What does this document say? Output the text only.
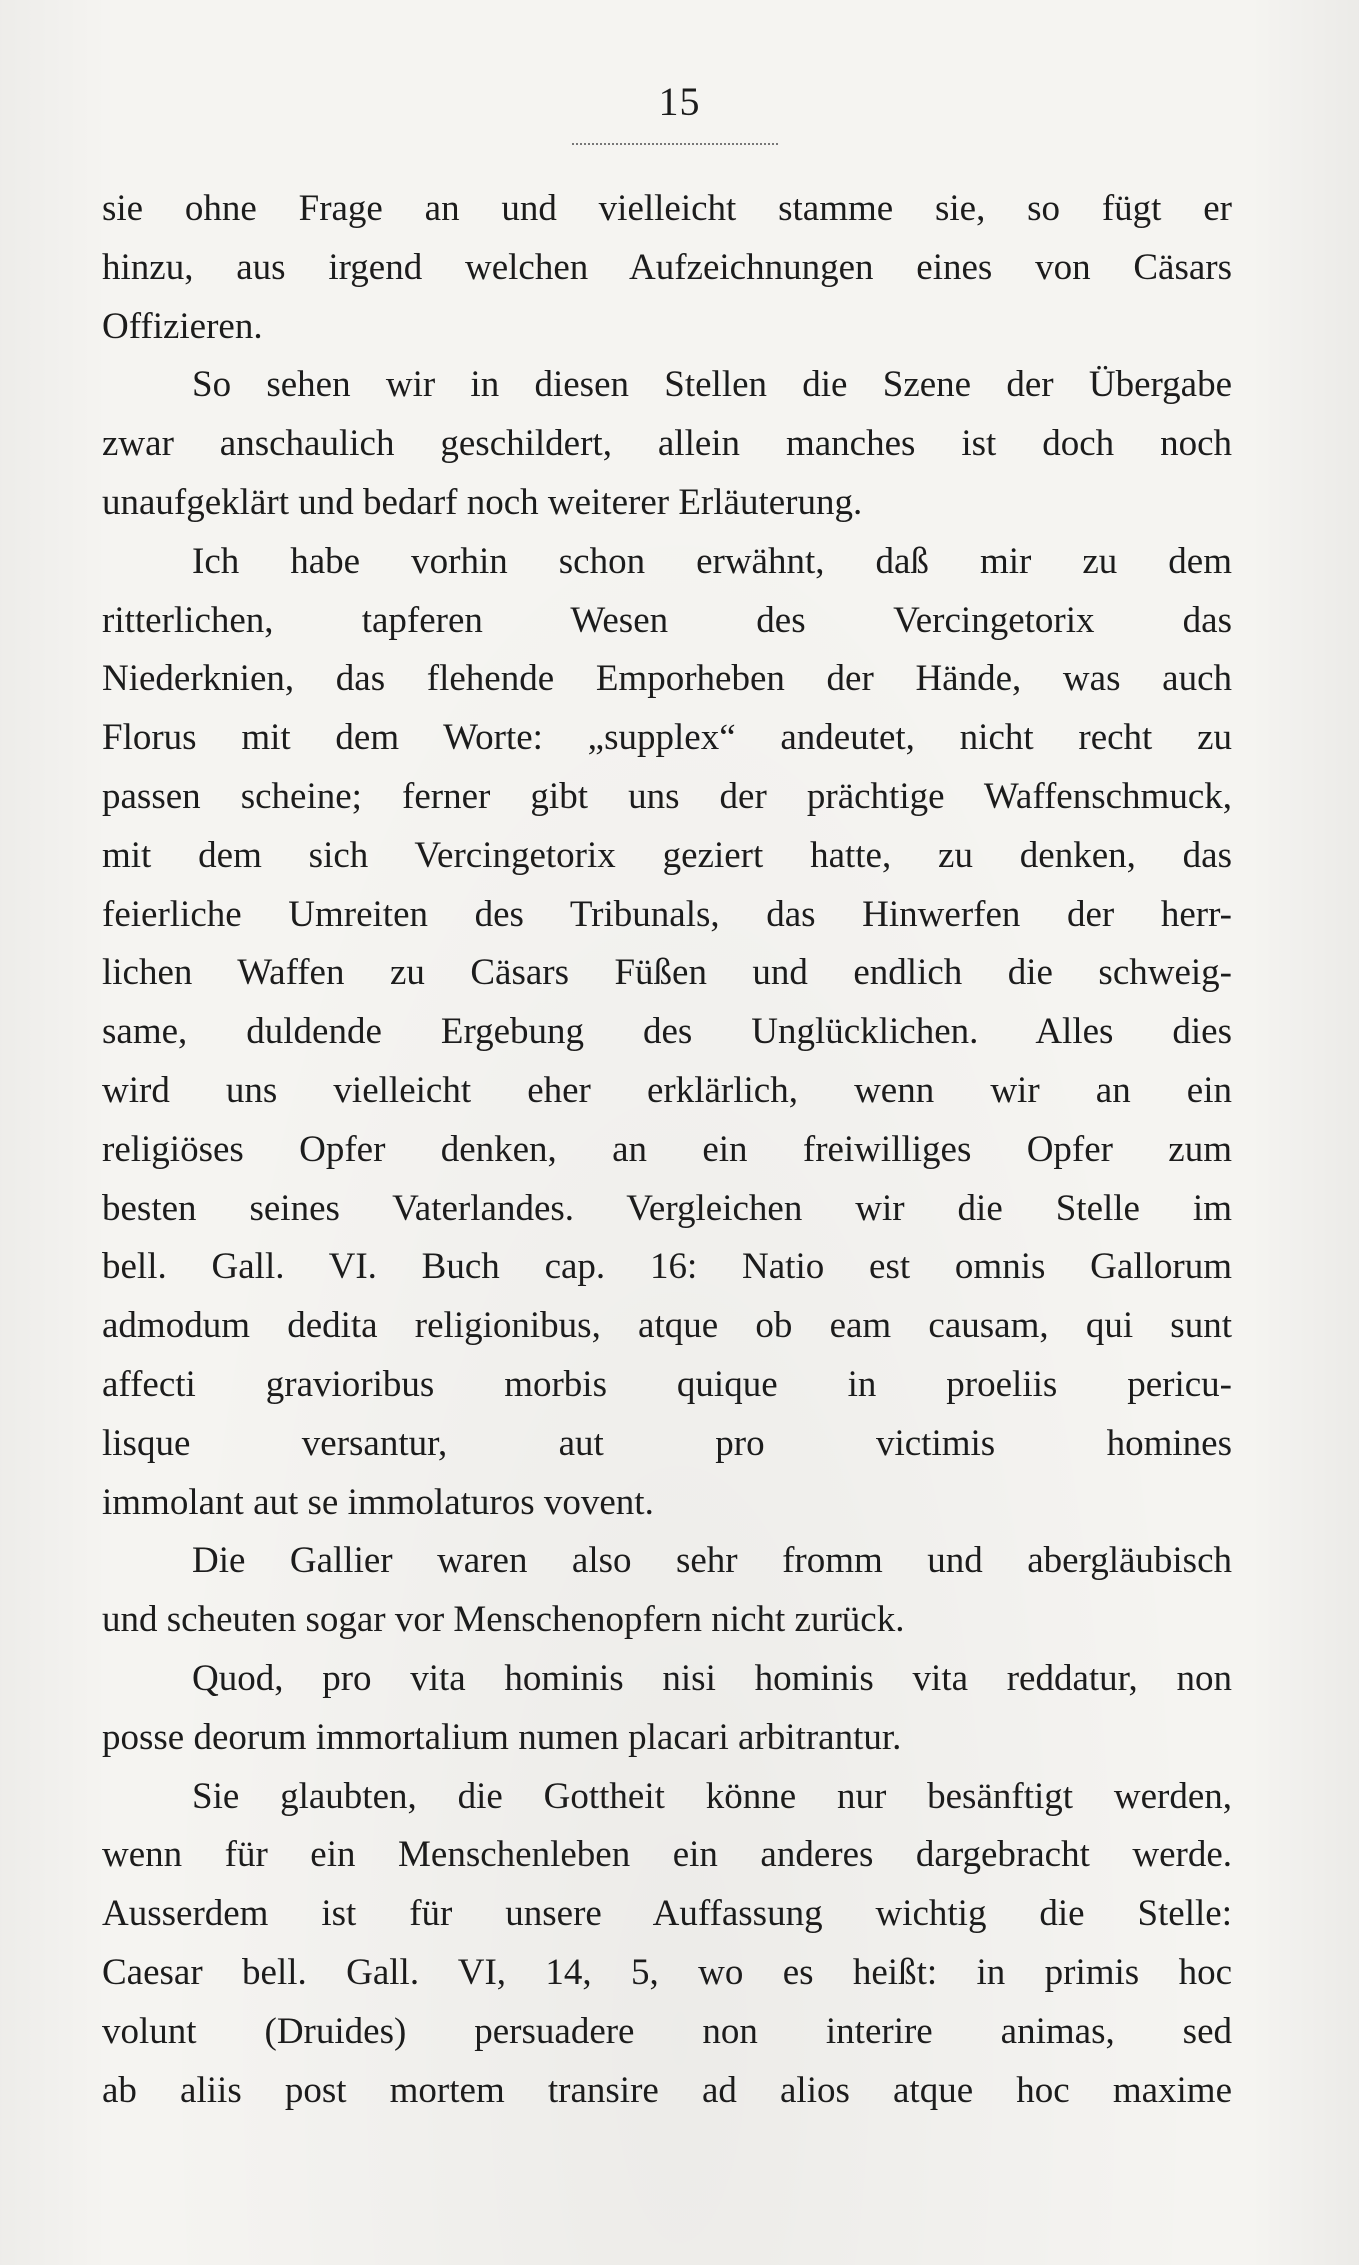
15
sie ohne Frage an und vielleicht stamme sie, so fügt er
hinzu, aus irgend welchen Aufzeichnungen eines von Cäsars
Offizieren.
So sehen wir in diesen Stellen die Szene der Übergabe
zwar anschaulich geschildert, allein manches ist doch noch
unaufgeklärt und bedarf noch weiterer Erläuterung.
Ich habe vorhin schon erwähnt, daß mir zu dem
ritterlichen, tapferen Wesen des Vercingetorix das
Niederknien, das flehende Emporheben der Hände, was auch
Florus mit dem Worte: „supplex“ andeutet, nicht recht zu
passen scheine; ferner gibt uns der prächtige Waffenschmuck,
mit dem sich Vercingetorix geziert hatte, zu denken, das
feierliche Umreiten des Tribunals, das Hinwerfen der herr-
lichen Waffen zu Cäsars Füßen und endlich die schweig-
same, duldende Ergebung des Unglücklichen. Alles dies
wird uns vielleicht eher erklärlich, wenn wir an ein
religiöses Opfer denken, an ein freiwilliges Opfer zum
besten seines Vaterlandes. Vergleichen wir die Stelle im
bell. Gall. VI. Buch cap. 16: Natio est omnis Gallorum
admodum dedita religionibus, atque ob eam causam, qui sunt
affecti gravioribus morbis quique in proeliis pericu-
lisque versantur, aut pro victimis homines
immolant aut se immolaturos vovent.
Die Gallier waren also sehr fromm und abergläubisch
und scheuten sogar vor Menschenopfern nicht zurück.
Quod, pro vita hominis nisi hominis vita reddatur, non
posse deorum immortalium numen placari arbitrantur.
Sie glaubten, die Gottheit könne nur besänftigt werden,
wenn für ein Menschenleben ein anderes dargebracht werde.
Ausserdem ist für unsere Auffassung wichtig die Stelle:
Caesar bell. Gall. VI, 14, 5, wo es heißt: in primis hoc
volunt (Druides) persuadere non interire animas, sed
ab aliis post mortem transire ad alios atque hoc maxime
